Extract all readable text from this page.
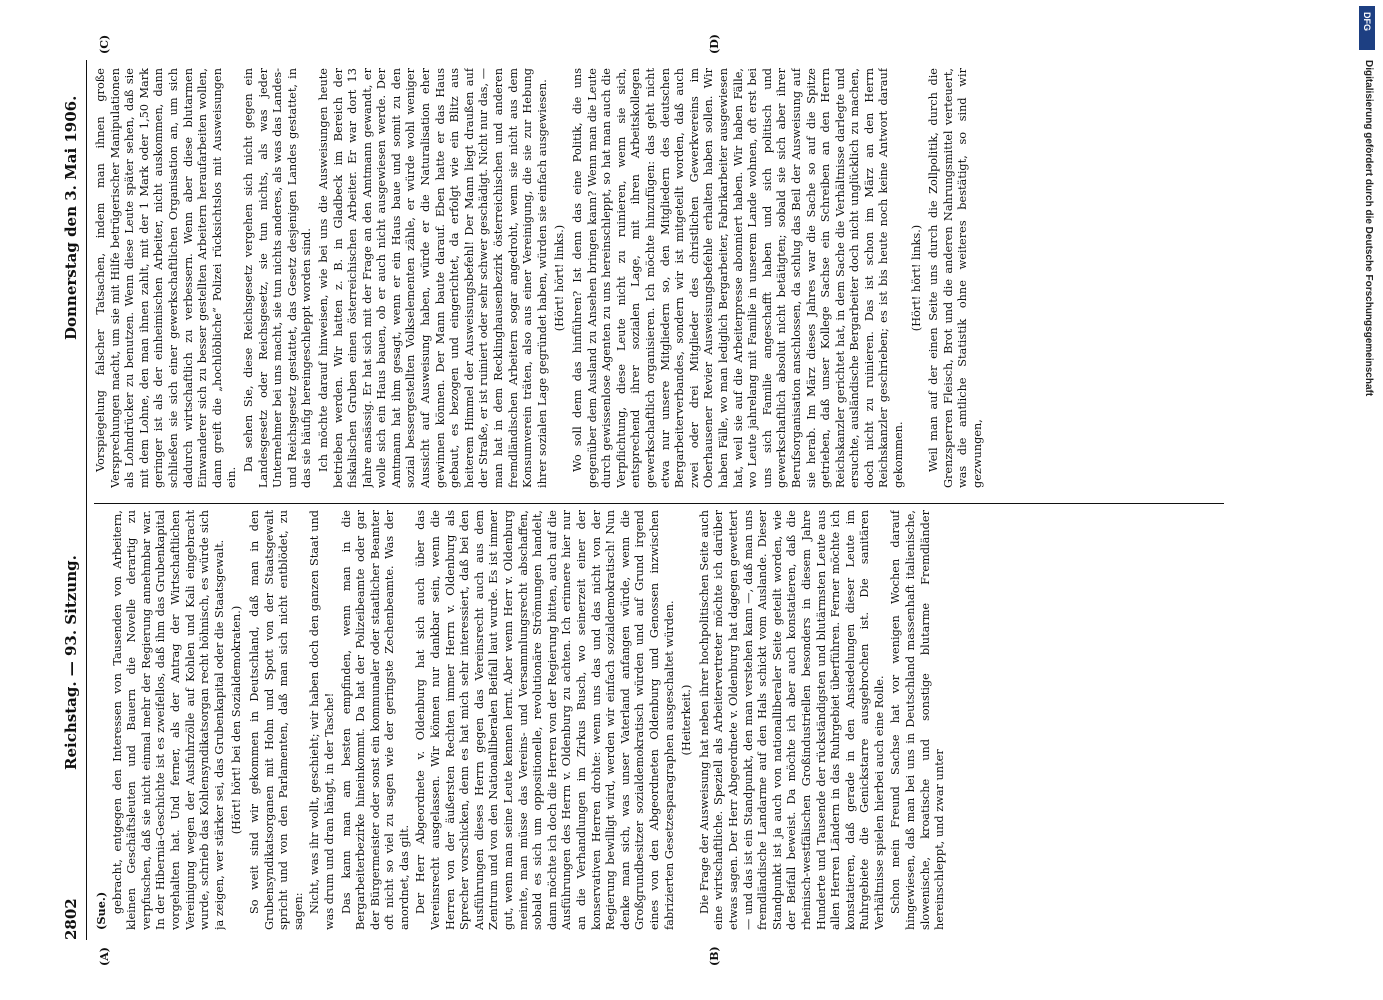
2802
Reichstag. — 93. Sitzung.
Donnerstag den 3. Mai 1906.

(Sue.) gebracht, entgegen den Interessen von Tausenden von Arbeitern, kleinen Geschäftsleuten und Bauern die Novelle derartig zu verpfuschen, daß sie nicht einmal mehr der Regierung annehmbar war. In der Hibernia-Geschichte ist es zweifellos, daß ihm das Grubenkapital vorgehalten hat. Und ferner, als der Antrag der Wirtschaftlichen Vereinigung wegen der Ausfuhrzölle auf Kohlen und Kali eingebracht wurde, schrieb das Kohlensyndikatsorgan recht höhnisch, es würde sich ja zeigen, wer stärker sei, das Grubenkapital oder die Staatsgewalt. (Hört! hört! bei den Sozialdemokraten.) So weit sind wir gekommen in Deutschland, daß man in den Grubensyndikatsorganen mit Hohn und Spott von der Staatsgewalt spricht und von den Parlamenten, daß man sich nicht entblödet, zu sagen: Nicht, was ihr wollt, geschieht; wir haben doch den ganzen Staat und was drum und dran hängt, in der Tasche! Das kann man am besten empfinden, wenn man in die Bergarbeiterbezirke hineinkommt. Da hat der Polizeibeamte oder gar der Bürgermeister oder sonst ein kommunaler oder staatlicher Beamter oft nicht so viel zu sagen wie der geringste Zechenbeamte. Was der anordnet, das gilt. Der Herr Abgeordnete v. Oldenburg hat sich auch über das Vereinsrecht ausgelassen. Wir können nur dankbar sein, wenn die Herren von der äußersten Rechten immer Herrn v. Oldenburg als Sprecher vorschicken, denn es hat mich sehr interessiert, daß bei den Ausführungen dieses Herrn gegen das Vereinsrecht auch aus dem Zentrum und von den Nationalliberalen Beifall laut wurde. Es ist immer gut, wenn man seine Leute kennen lernt. Aber wenn Herr v. Oldenburg meinte, man müsse das Vereins- und Versammlungsrecht abschaffen, sobald es sich um oppositionelle, revolutionäre Strömungen handelt, dann möchte ich doch die Herren von der Regierung bitten, auch auf die Ausführungen des Herrn v. Oldenburg zu achten. Ich erinnere hier nur an die Verhandlungen im Zirkus Busch, wo seinerzeit einer der konservativen Herren drohte: wenn uns das und das nicht von der Regierung bewilligt wird, werden wir einfach sozialdemokratisch! Nun denke man sich, was unser Vaterland anfangen würde, wenn die Großgrundbesitzer sozialdemokratisch würden und auf Grund irgend eines von den Abgeordneten Oldenburg und Genossen inzwischen fabrizierten Gesetzesparagraphen ausgeschaltet würden. (Heiterkeit.) Die Frage der Ausweisung hat neben ihrer hochpolitischen Seite auch eine wirtschaftliche. Speziell als Arbeitervertreter möchte ich darüber etwas sagen. Der Herr Abgeordnete v. Oldenburg hat dagegen gewettert — und das ist ein Standpunkt, den man verstehen kann —, daß man uns fremdländische Landarme auf den Hals schickt vom Auslande. Dieser Standpunkt ist ja auch von nationalliberaler Seite geteilt worden, wie der Beifall beweist. Da möchte ich aber auch konstatieren, daß die rheinisch-westfälischen Großindustriellen besonders in diesem Jahre Hunderte und Tausende der rückständigsten und blutärmsten Leute aus allen Herren Ländern in das Ruhrgebiet überführen. Ferner möchte ich konstatieren, daß gerade in den Ansiedelungen dieser Leute im Ruhrgebiete die Genickstarre ausgebrochen ist. Die sanitären Verhältnisse spielen hierbei auch eine Rolle. Schon mein Freund Sachse hat vor wenigen Wochen darauf hingewiesen, daß man bei uns in Deutschland massenhaft italienische, slowenische, kroatische und sonstige blutarme Fremdländer hereinschleppt, und zwar unter

(A)	(B)

Vorspiegelung falscher Tatsachen, indem man ihnen große Versprechungen macht, um sie mit Hilfe betrügerischer Manipulationen als Lohndrücker zu benutzen. Wenn diese Leute später sehen, daß sie mit dem Lohne, den man ihnen zahlt, mit der 1 Mark oder 1,50 Mark geringer ist als der einheimischen Arbeiter, nicht auskommen, dann schließen sie sich einer gewerkschaftlichen Organisation an, um sich dadurch wirtschaftlich zu verbessern. Wenn aber diese blutarmen Einwanderer sich zu besser gestellten Arbeitern heraufarbeiten wollen, dann greift die „hochlöbliche“ Polizei rücksichtslos mit Ausweisungen ein.

Da sehen Sie, diese Reichsgesetz vergehen sich nicht gegen ein Landesgesetz oder Reichsgesetz, sie tun nichts, als was jeder Unternehmer bei uns macht, sie tun nichts anderes, als was das Landes- und Reichsgesetz gestattet, das Gesetz desjenigen Landes gestattet, in das sie häufig hereingeschleppt worden sind. Ich möchte darauf hinweisen, wie bei uns die Ausweisungen heute betrieben werden. Wir hatten z. B. in Gladbeck im Bereich der fiskalischen Gruben einen österreichischen Arbeiter. Er war dort 13 Jahre ansässig. Er hat sich mit der Frage an den Amtmann gewandt, er wolle sich ein Haus bauen, ob er auch nicht ausgewiesen werde. Der Amtmann hat ihm gesagt, wenn er ein Haus baue und somit zu den sozial bessergestellten Volkselementen zähle, er würde wohl weniger Aussicht auf Ausweisung haben, würde er die Naturalisation eher gewinnen können. Der Mann baute darauf. Eben hatte er das Haus gebaut, es bezogen und eingerichtet, da erfolgt wie ein Blitz aus heiterem Himmel der Ausweisungsbefehl! Der Mann liegt draußen auf der Straße, er ist ruiniert oder sehr schwer geschädigt. Nicht nur das, — man hat in dem Recklinghausenbezirk österreichischen und anderen fremdländischen Arbeitern sogar angedroht, wenn sie nicht aus dem Konsumverein träten, also aus einer Vereinigung, die sie zur Hebung ihrer sozialen Lage gegründet haben, würden sie einfach ausgewiesen. (Hört! hört! links.) Wo soll denn das hinführen? Ist denn das eine Politik, die uns gegenüber dem Ausland zu Ansehen bringen kann? Wenn man die Leute durch gewissenlose Agenten zu uns hereinschleppt, so hat man auch die Verpflichtung, diese Leute nicht zu ruinieren, wenn sie sich, entsprechend ihrer sozialen Lage, mit ihren Arbeitskollegen gewerkschaftlich organisieren. Ich möchte hinzufügen: das geht nicht etwa nur unsere Mitgliedern so, den Mitgliedern des deutschen Bergarbeiterverbandes, sondern wir ist mitgeteilt worden, daß auch zwei oder drei Mitglieder des christlichen Gewerkvereins im Oberhausener Revier Ausweisungsbefehle erhalten haben sollen. Wir haben Fälle, wo man lediglich Bergarbeiter, Fabrikarbeiter ausgewiesen hat, weil sie auf die Arbeiterpresse abonniert haben. Wir haben Fälle, wo Leute jahrelang mit Familie in unserem Lande wohnen, oft erst bei uns sich Familie angeschafft haben und sich politisch und gewerkschaftlich absolut nicht betätigten; sobald sie sich aber ihrer Berufsorganisation anschlossen, da schlug das Beil der Ausweisung auf sie herab. Im März dieses Jahres war die Sache so auf die Spitze getrieben, daß unser Kollege Sachse ein Schreiben an den Herrn Reichskanzler gerichtet hat, in dem Sache die Verhältnisse darlegte und ersuchte, ausländische Bergarbeiter doch nicht unglücklich zu machen, doch nicht zu ruinieren. Das ist schon im März an den Herrn Reichskanzler geschrieben; es ist bis heute noch keine Antwort darauf gekommen.

(Hört! hört! links.) Weil man auf der einen Seite uns durch die Zollpolitik, durch die Grenzsperren Fleisch, Brot und die anderen Nahrungsmittel verteuert, was die amtliche Statistik ohne weiteres bestätigt, so sind wir gezwungen,

(C)	(D)
DFG
Digitalisierung gefördert durch die Deutsche Forschungsgemeinschaft
